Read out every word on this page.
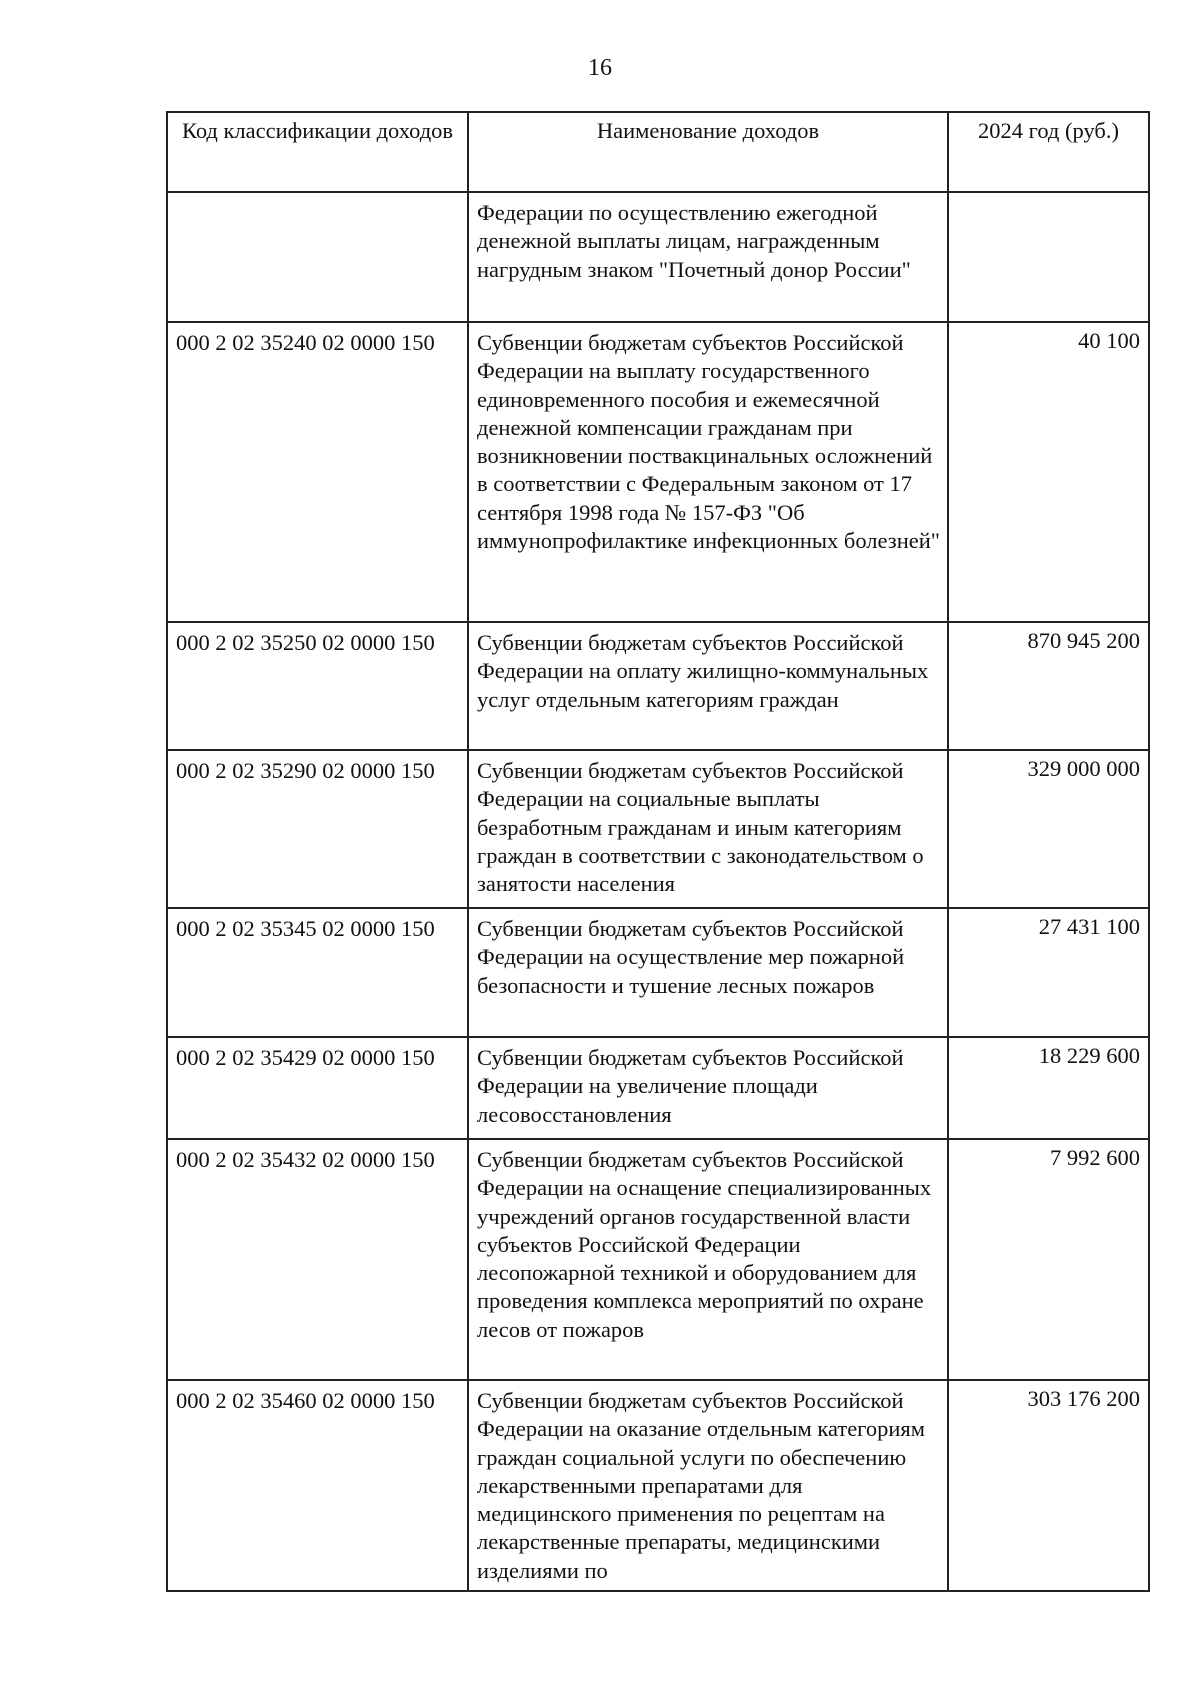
16
Код классификации доходов	Наименование доходов	2024 год (руб.)
	Федерации по осуществлению ежегодной денежной выплаты лицам, награжденным нагрудным знаком "Почетный донор России"	
000 2 02 35240 02 0000 150	Субвенции бюджетам субъектов Российской Федерации на выплату государственного единовременного пособия и ежемесячной денежной компенсации гражданам при возникновении поствакцинальных осложнений в соответствии с Федеральным законом от 17 сентября 1998 года № 157-ФЗ "Об иммунопрофилактике инфекционных болезней"	40 100
000 2 02 35250 02 0000 150	Субвенции бюджетам субъектов Российской Федерации на оплату жилищно-коммунальных услуг отдельным категориям граждан	870 945 200
000 2 02 35290 02 0000 150	Субвенции бюджетам субъектов Российской Федерации на социальные выплаты безработным гражданам и иным категориям граждан в соответствии с законодательством о занятости населения	329 000 000
000 2 02 35345 02 0000 150	Субвенции бюджетам субъектов Российской Федерации на осуществление мер пожарной безопасности и тушение лесных пожаров	27 431 100
000 2 02 35429 02 0000 150	Субвенции бюджетам субъектов Российской Федерации на увеличение площади лесовосстановления	18 229 600
000 2 02 35432 02 0000 150	Субвенции бюджетам субъектов Российской Федерации на оснащение специализированных учреждений органов государственной власти субъектов Российской Федерации лесопожарной техникой и оборудованием для проведения комплекса мероприятий по охране лесов от пожаров	7 992 600
000 2 02 35460 02 0000 150	Субвенции бюджетам субъектов Российской Федерации на оказание отдельным категориям граждан социальной услуги по обеспечению лекарственными препаратами для медицинского применения по рецептам на лекарственные препараты, медицинскими изделиями по	303 176 200
